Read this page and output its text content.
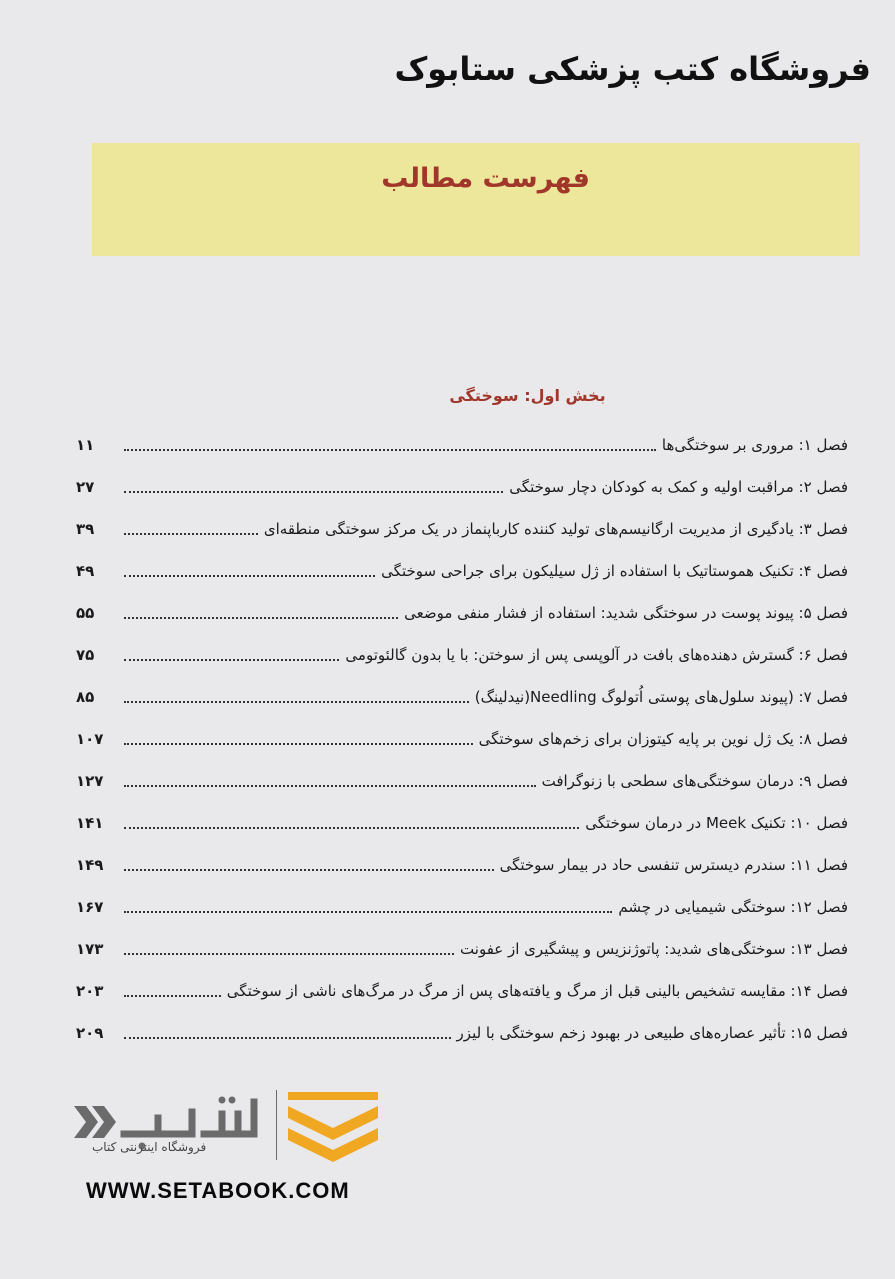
فروشگاه کتب پزشکی ستابوک
فهرست مطالب
بخش اول: سوختگی
فصل ۱: مروری بر سوختگی‌ها
۱۱
فصل ۲: مراقبت اولیه و کمک به کودکان دچار سوختگی
۲۷
فصل ۳: یادگیری از مدیریت ارگانیسم‌های تولید کننده کارباپنماز در یک مرکز سوختگی منطقه‌ای
۳۹
فصل ۴: تکنیک هموستاتیک با استفاده از ژل سیلیکون برای جراحی سوختگی
۴۹
فصل ۵: پیوند پوست در سوختگی شدید: استفاده از فشار منفی موضعی
۵۵
فصل ۶: گسترش دهنده‌های بافت در آلوپسی پس از سوختن: با یا بدون گالئوتومی
۷۵
فصل ۷: (پیوند سلول‌های پوستی اُتولوگ Needling(نیدلینگ)
۸۵
فصل ۸: یک ژل نوین بر پایه کیتوزان برای زخم‌های سوختگی
۱۰۷
فصل ۹: درمان سوختگی‌های سطحی با زنوگرافت
۱۲۷
فصل ۱۰: تکنیک Meek در درمان سوختگی
۱۴۱
فصل ۱۱: سندرم دیسترس تنفسی حاد در بیمار سوختگی
۱۴۹
فصل ۱۲: سوختگی شیمیایی در چشم
۱۶۷
فصل ۱۳: سوختگی‌های شدید: پاتوژنزیس و پیشگیری از عفونت
۱۷۳
فصل ۱۴: مقایسه تشخیص بالینی قبل از مرگ و یافته‌های پس از مرگ در مرگ‌های ناشی از سوختگی
۲۰۳
فصل ۱۵: تأثیر عصاره‌های طبیعی در بهبود زخم سوختگی با لیزر
۲۰۹
فروشگاه اینترنتی کتاب
WWW.SETABOOK.COM
